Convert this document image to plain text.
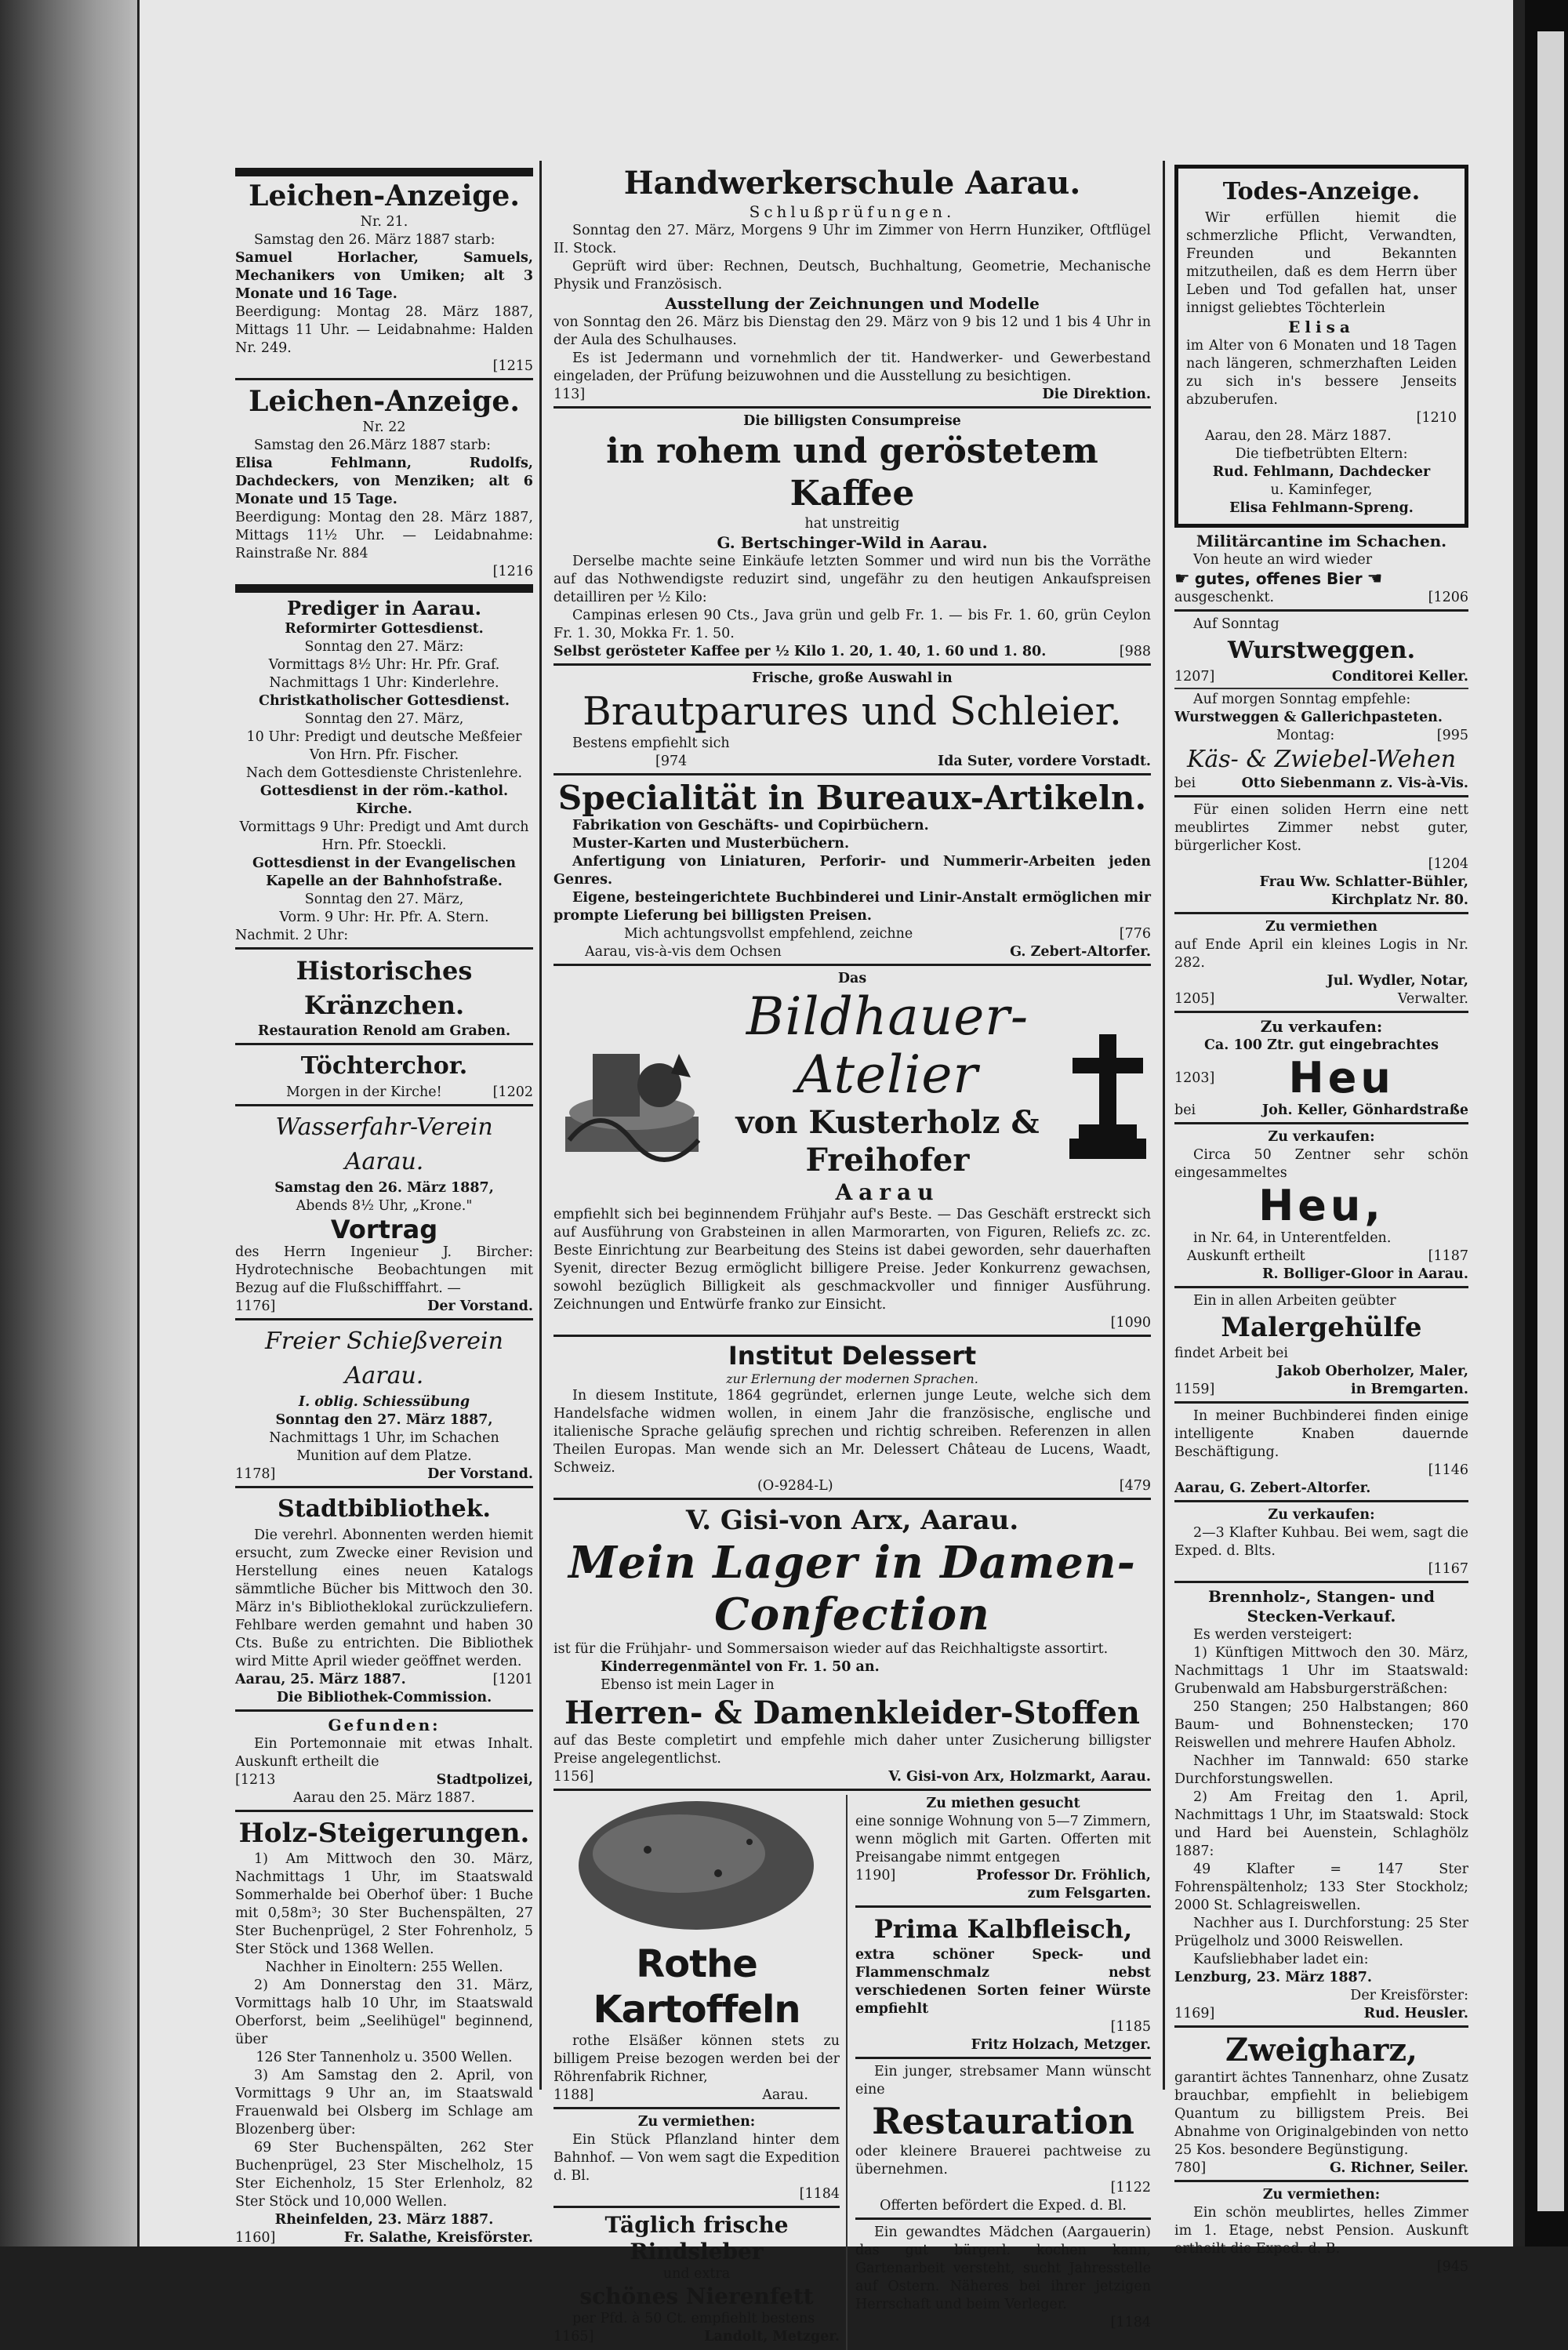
Leichen-Anzeige.
Nr. 21.
Samstag den 26. März 1887 starb:
Samuel Horlacher, Samuels, Mechanikers von Umiken; alt 3 Monate und 16 Tage.
Beerdigung: Montag 28. März 1887, Mittags 11 Uhr. — Leidabnahme: Halden Nr. 249.
[1215
Leichen-Anzeige.
Nr. 22
Samstag den 26.März 1887 starb:
Elisa Fehlmann, Rudolfs, Dachdeckers, von Menziken; alt 6 Monate und 15 Tage.
Beerdigung: Montag den 28. März 1887, Mittags 11½ Uhr. — Leidabnahme: Rainstraße Nr. 884
[1216
Prediger in Aarau.
Reformirter Gottesdienst.
Sonntag den 27. März:
Vormittags 8½ Uhr: Hr. Pfr. Graf.
Nachmittags 1 Uhr: Kinderlehre.
Christkatholischer Gottesdienst.
Sonntag den 27. März,
10 Uhr: Predigt und deutsche Meßfeier
Von Hrn. Pfr. Fischer.
Nach dem Gottesdienste Christenlehre.
Gottesdienst in der röm.-kathol. Kirche.
Vormittags 9 Uhr: Predigt und Amt durch Hrn. Pfr. Stoeckli.
Gottesdienst in der Evangelischen Kapelle an der Bahnhofstraße.
Sonntag den 27. März,
Vorm. 9 Uhr: Hr. Pfr. A. Stern.
Nachmit. 2 Uhr:
Historisches Kränzchen.
Restauration Renold am Graben.
Töchterchor.
Morgen in der Kirche!	[1202
Wasserfahr-Verein Aarau.
Samstag den 26. März 1887,
Abends 8½ Uhr, „Krone."
Vortrag
des Herrn Ingenieur J. Bircher: Hydrotechnische Beobachtungen mit Bezug auf die Flußschifffahrt. —
1176]	Der Vorstand.
Freier Schießverein Aarau.
I. oblig. Schiessübung
Sonntag den 27. März 1887,
Nachmittags 1 Uhr, im Schachen
Munition auf dem Platze.
1178]	Der Vorstand.
Stadtbibliothek.
Die verehrl. Abonnenten werden hiemit ersucht, zum Zwecke einer Revision und Herstellung eines neuen Katalogs sämmtliche Bücher bis Mittwoch den 30. März in's Bibliotheklokal zurückzuliefern. Fehlbare werden gemahnt und haben 30 Cts. Buße zu entrichten. Die Bibliothek wird Mitte April wieder geöffnet werden.
Aarau, 25. März 1887.	[1201
Die Bibliothek-Commission.
Gefunden:
Ein Portemonnaie mit etwas Inhalt. Auskunft ertheilt die
[1213	Stadtpolizei,
Aarau den 25. März 1887.
Holz-Steigerungen.
1) Am Mittwoch den 30. März, Nachmittags 1 Uhr, im Staatswald Sommerhalde bei Oberhof über: 1 Buche mit 0,58m³; 30 Ster Buchenspälten, 27 Ster Buchenprügel, 2 Ster Fohrenholz, 5 Ster Stöck und 1368 Wellen.
Nachher in Einoltern: 255 Wellen.
2) Am Donnerstag den 31. März, Vormittags halb 10 Uhr, im Staatswald Oberforst, beim „Seelihügel" beginnend, über
126 Ster Tannenholz u. 3500 Wellen.
3) Am Samstag den 2. April, von Vormittags 9 Uhr an, im Staatswald Frauenwald bei Olsberg im Schlage am Blozenberg über:
69 Ster Buchenspälten, 262 Ster Buchenprügel, 23 Ster Mischelholz, 15 Ster Eichenholz, 15 Ster Erlenholz, 82 Ster Stöck und 10,000 Wellen.
Rheinfelden, 23. März 1887.
1160]	Fr. Salathe, Kreisförster.
Handwerkerschule Aarau.
Schlußprüfungen.
Sonntag den 27. März, Morgens 9 Uhr im Zimmer von Herrn Hunziker, Oftflügel II. Stock.
Geprüft wird über: Rechnen, Deutsch, Buchhaltung, Geometrie, Mechanische Physik und Französisch.
Ausstellung der Zeichnungen und Modelle
von Sonntag den 26. März bis Dienstag den 29. März von 9 bis 12 und 1 bis 4 Uhr in der Aula des Schulhauses.
Es ist Jedermann und vornehmlich der tit. Handwerker- und Gewerbestand eingeladen, der Prüfung beizuwohnen und die Ausstellung zu besichtigen.
113]	Die Direktion.
Die billigsten Consumpreise
in rohem und geröstetem Kaffee
hat unstreitig
G. Bertschinger-Wild in Aarau.
Derselbe machte seine Einkäufe letzten Sommer und wird nun bis the Vorräthe auf das Nothwendigste reduzirt sind, ungefähr zu den heutigen Ankaufspreisen detailliren per ½ Kilo:
Campinas erlesen 90 Cts., Java grün und gelb Fr. 1. — bis Fr. 1. 60, grün Ceylon Fr. 1. 30, Mokka Fr. 1. 50.
Selbst gerösteter Kaffee per ½ Kilo 1. 20, 1. 40, 1. 60 und 1. 80.	[988
Frische, große Auswahl in
Brautparures und Schleier.
Bestens empfiehlt sich
[974	Ida Suter, vordere Vorstadt.
Specialität in Bureaux-Artikeln.
Fabrikation von Geschäfts- und Copirbüchern.
Muster-Karten und Musterbüchern.
Anfertigung von Liniaturen, Perforir- und Nummerir-Arbeiten jeden Genres.
Eigene, besteingerichtete Buchbinderei und Linir-Anstalt ermöglichen mir prompte Lieferung bei billigsten Preisen.
Mich achtungsvollst empfehlend, zeichne	[776
Aarau, vis-à-vis dem Ochsen	G. Zebert-Altorfer.
Das
Bildhauer-Atelier
von Kusterholz & Freihofer
Aarau
empfiehlt sich bei beginnendem Frühjahr auf's Beste. — Das Geschäft erstreckt sich auf Ausführung von Grabsteinen in allen Marmorarten, von Figuren, Reliefs zc. zc. Beste Einrichtung zur Bearbeitung des Steins ist dabei geworden, sehr dauerhaften Syenit, directer Bezug ermöglicht billigere Preise. Jeder Konkurrenz gewachsen, sowohl bezüglich Billigkeit als geschmackvoller und finniger Ausführung. Zeichnungen und Entwürfe franko zur Einsicht.
[1090
Institut Delessert
zur Erlernung der modernen Sprachen.
In diesem Institute, 1864 gegründet, erlernen junge Leute, welche sich dem Handelsfache widmen wollen, in einem Jahr die französische, englische und italienische Sprache geläufig sprechen und richtig schreiben. Referenzen in allen Theilen Europas. Man wende sich an Mr. Delessert Château de Lucens, Waadt, Schweiz.
(O-9284-L)	[479
V. Gisi-von Arx, Aarau.
Mein Lager in Damen-Confection
ist für die Frühjahr- und Sommersaison wieder auf das Reichhaltigste assortirt.
Kinderregenmäntel von Fr. 1. 50 an.
Ebenso ist mein Lager in
Herren- & Damenkleider-Stoffen
auf das Beste completirt und empfehle mich daher unter Zusicherung billigster Preise angelegentlichst.
1156]	V. Gisi-von Arx, Holzmarkt, Aarau.
Rothe Kartoffeln
rothe Elsäßer können stets zu billigem Preise bezogen werden bei der Röhrenfabrik Richner,
1188]	Aarau.
Zu vermiethen:
Ein Stück Pflanzland hinter dem Bahnhof. — Von wem sagt die Expedition d. Bl.
[1184
Täglich frische Rindsleber
und extra
schönes Nierenfett
per Pfd. à 50 Ct. empfiehlt bestens
1165]	Landolt, Metzger.
Zu miethen gesucht
eine sonnige Wohnung von 5—7 Zimmern, wenn möglich mit Garten. Offerten mit Preisangabe nimmt entgegen
1190]	Professor Dr. Fröhlich, zum Felsgarten.
Prima Kalbfleisch,
extra schöner Speck- und Flammenschmalz nebst verschiedenen Sorten feiner Würste empfiehlt
[1185
Fritz Holzach, Metzger.
Ein junger, strebsamer Mann wünscht eine
Restauration
oder kleinere Brauerei pachtweise zu übernehmen.
[1122
Offerten befördert die Exped. d. Bl.
Ein gewandtes Mädchen (Aargauerin) das gut bürgerl. kochen kann, Gartenarbeit versteht, sucht Jahresstelle auf Ostern. Näheres bei ihrer jetzigen Herrschaft und beim Verleger.
[1184
Todes-Anzeige.
Wir erfüllen hiemit die schmerzliche Pflicht, Verwandten, Freunden und Bekannten mitzutheilen, daß es dem Herrn über Leben und Tod gefallen hat, unser innigst geliebtes Töchterlein
Elisa
im Alter von 6 Monaten und 18 Tagen nach längeren, schmerzhaften Leiden zu sich in's bessere Jenseits abzuberufen.
[1210
Aarau, den 28. März 1887.
Die tiefbetrübten Eltern:
Rud. Fehlmann, Dachdecker
u. Kaminfeger,
Elisa Fehlmann-Spreng.
Militärcantine im Schachen.
Von heute an wird wieder
☛ gutes, offenes Bier ☚
ausgeschenkt.	[1206
Auf Sonntag
Wurstweggen.
1207]	Conditorei Keller.
Auf morgen Sonntag empfehle:
Wurstweggen & Gallerichpasteten.
Montag:	[995
Käs- & Zwiebel-Wehen
bei	Otto Siebenmann z. Vis-à-Vis.
Für einen soliden Herrn eine nett meublirtes Zimmer nebst guter, bürgerlicher Kost.
[1204
Frau Ww. Schlatter-Bühler, Kirchplatz Nr. 80.
Zu vermiethen
auf Ende April ein kleines Logis in Nr. 282.
Jul. Wydler, Notar,
1205]	Verwalter.
Zu verkaufen:
Ca. 100 Ztr. gut eingebrachtes
1203]	Heu
bei	Joh. Keller, Gönhardstraße
Zu verkaufen:
Circa 50 Zentner sehr schön eingesammeltes
Heu,
in Nr. 64, in Unterentfelden.
Auskunft ertheilt	[1187
R. Bolliger-Gloor in Aarau.
Ein in allen Arbeiten geübter
Malergehülfe
findet Arbeit bei
Jakob Oberholzer, Maler,
1159]	in Bremgarten.
In meiner Buchbinderei finden einige intelligente Knaben dauernde Beschäftigung.
[1146
Aarau, G. Zebert-Altorfer.
Zu verkaufen:
2—3 Klafter Kuhbau. Bei wem, sagt die Exped. d. Blts.
[1167
Brennholz-, Stangen- und Stecken-Verkauf.
Es werden versteigert:
1) Künftigen Mittwoch den 30. März, Nachmittags 1 Uhr im Staatswald: Grubenwald am Habsburgersträßchen:
250 Stangen; 250 Halbstangen; 860 Baum- und Bohnenstecken; 170 Reiswellen und mehrere Haufen Abholz.
Nachher im Tannwald: 650 starke Durchforstungswellen.
2) Am Freitag den 1. April, Nachmittags 1 Uhr, im Staatswald: Stock und Hard bei Auenstein, Schlaghölz 1887:
49 Klafter = 147 Ster Fohrenspältenholz; 133 Ster Stockholz; 2000 St. Schlagreiswellen.
Nachher aus I. Durchforstung: 25 Ster Prügelholz und 3000 Reiswellen.
Kaufsliebhaber ladet ein:
Lenzburg, 23. März 1887.
Der Kreisförster:
1169]	Rud. Heusler.
Zweigharz,
garantirt ächtes Tannenharz, ohne Zusatz brauchbar, empfiehlt in beliebigem Quantum zu billigstem Preis. Bei Abnahme von Originalgebinden von netto 25 Kos. besondere Begünstigung.
780]	G. Richner, Seiler.
Zu vermiethen:
Ein schön meublirtes, helles Zimmer im 1. Etage, nebst Pension. Auskunft ertheilt die Exped. d. B.
[945
